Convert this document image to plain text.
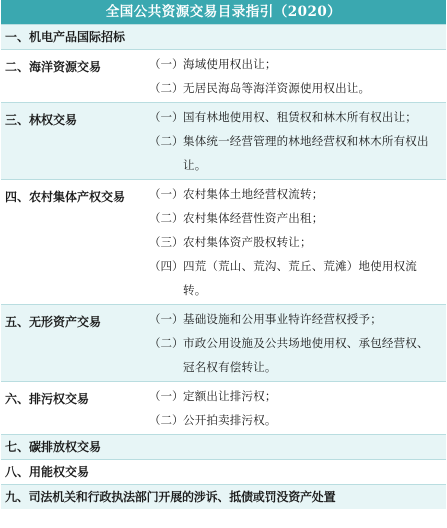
全国公共资源交易目录指引（2020）
一、机电产品国际招标
二、海洋资源交易	（一） 海域使用权出让；
（二） 无居民海岛等海洋资源使用权出让。
三、林权交易	（一） 国有林地使用权、租赁权和林木所有权出让；
（二） 集体统一经营管理的林地经营权和林木所有权出让。
四、农村集体产权交易	（一） 农村集体土地经营权流转；
（二） 农村集体经营性资产出租；
（三） 农村集体资产股权转让；
（四） 四荒（荒山、荒沟、荒丘、荒滩）地使用权流转。
五、无形资产交易	（一） 基础设施和公用事业特许经营权授予；
（二） 市政公用设施及公共场地使用权、承包经营权、冠名权有偿转让。
六、排污权交易	（一） 定额出让排污权；
（二） 公开拍卖排污权。
七、碳排放权交易
八、用能权交易
九、司法机关和行政执法部门开展的涉诉、抵债或罚没资产处置
